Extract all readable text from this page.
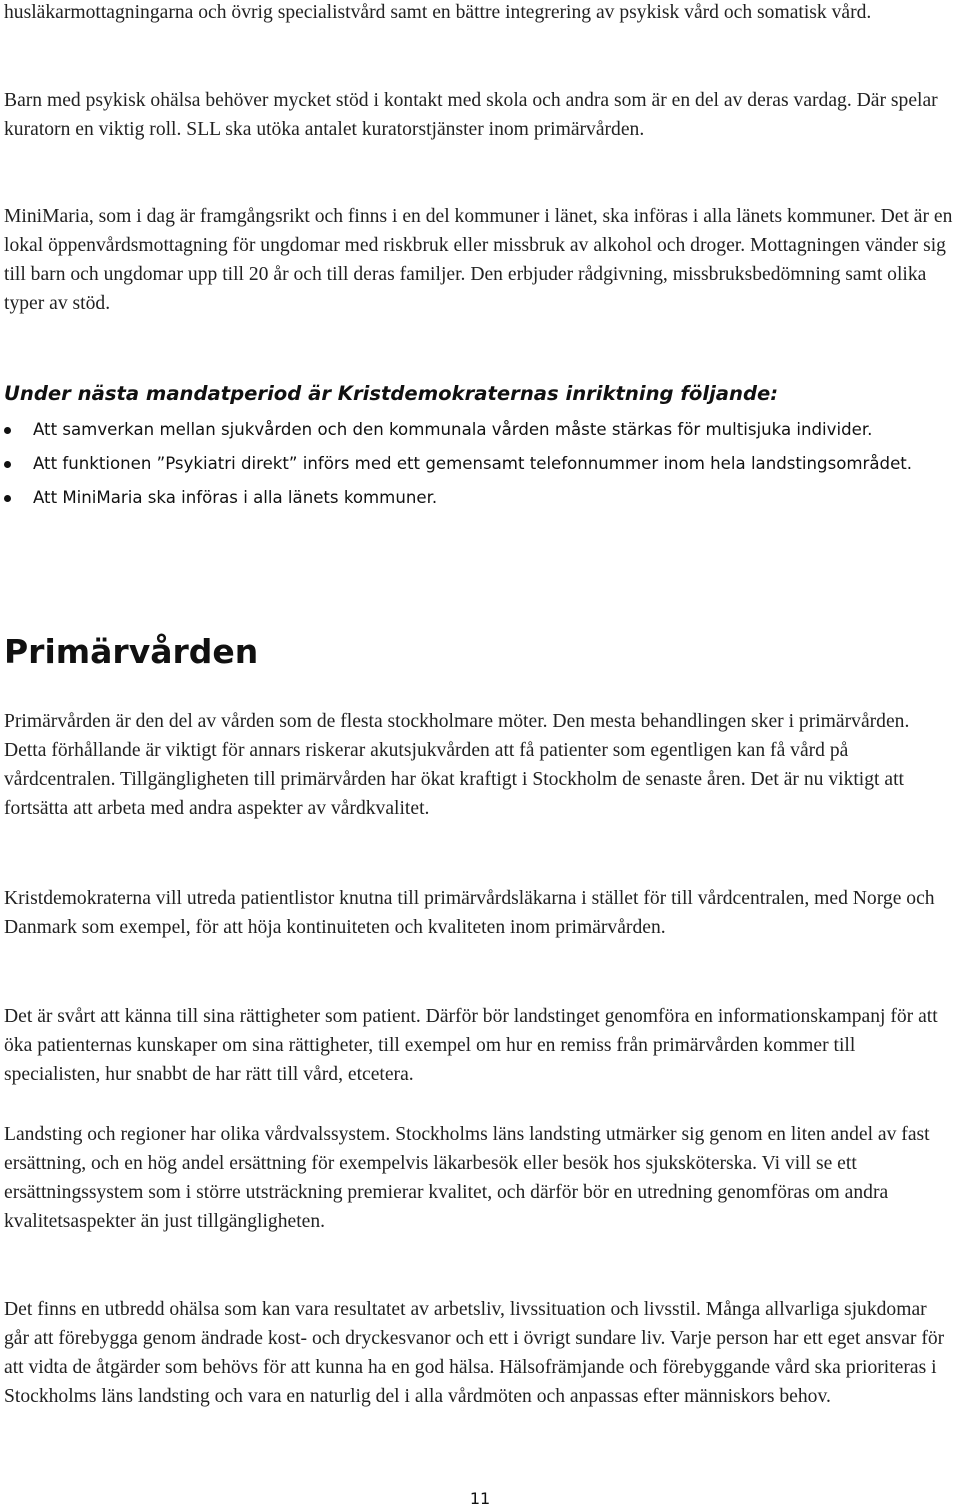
husläkarmottagningarna och övrig specialistvård samt en bättre integrering av psykisk vård och somatisk vård.

Barn med psykisk ohälsa behöver mycket stöd i kontakt med skola och andra som är en del av deras vardag. Där spelar kuratorn en viktig roll. SLL ska utöka antalet kuratorstjänster inom primärvården.

MiniMaria, som i dag är framgångsrikt och finns i en del kommuner i länet, ska införas i alla länets kommuner. Det är en lokal öppenvårdsmottagning för ungdomar med riskbruk eller missbruk av alkohol och droger. Mottagningen vänder sig till barn och ungdomar upp till 20 år och till deras familjer. Den erbjuder rådgivning, missbruksbedömning samt olika typer av stöd.

Under nästa mandatperiod är Kristdemokraternas inriktning följande:
Att samverkan mellan sjukvården och den kommunala vården måste stärkas för multisjuka individer.
Att funktionen ”Psykiatri direkt” införs med ett gemensamt telefonnummer inom hela landstingsområdet.
Att MiniMaria ska införas i alla länets kommuner.
Primärvården

Primärvården är den del av vården som de flesta stockholmare möter. Den mesta behandlingen sker i primärvården. Detta förhållande är viktigt för annars riskerar akutsjukvården att få patienter som egentligen kan få vård på vårdcentralen. Tillgängligheten till primärvården har ökat kraftigt i Stockholm de senaste åren. Det är nu viktigt att fortsätta att arbeta med andra aspekter av vårdkvalitet.

Kristdemokraterna vill utreda patientlistor knutna till primärvårdsläkarna i stället för till vårdcentralen, med Norge och Danmark som exempel, för att höja kontinuiteten och kvaliteten inom primärvården.

Det är svårt att känna till sina rättigheter som patient. Därför bör landstinget genomföra en informationskampanj för att öka patienternas kunskaper om sina rättigheter, till exempel om hur en remiss från primärvården kommer till specialisten, hur snabbt de har rätt till vård, etcetera.

Landsting och regioner har olika vårdvalssystem. Stockholms läns landsting utmärker sig genom en liten andel av fast ersättning, och en hög andel ersättning för exempelvis läkarbesök eller besök hos sjuksköterska. Vi vill se ett ersättningssystem som i större utsträckning premierar kvalitet, och därför bör en utredning genomföras om andra kvalitetsaspekter än just tillgängligheten.

Det finns en utbredd ohälsa som kan vara resultatet av arbetsliv, livssituation och livsstil. Många allvarliga sjukdomar går att förebygga genom ändrade kost- och dryckesvanor och ett i övrigt sundare liv. Varje person har ett eget ansvar för att vidta de åtgärder som behövs för att kunna ha en god hälsa. Hälsofrämjande och förebyggande vård ska prioriteras i Stockholms läns landsting och vara en naturlig del i alla vårdmöten och anpassas efter människors behov.

11
